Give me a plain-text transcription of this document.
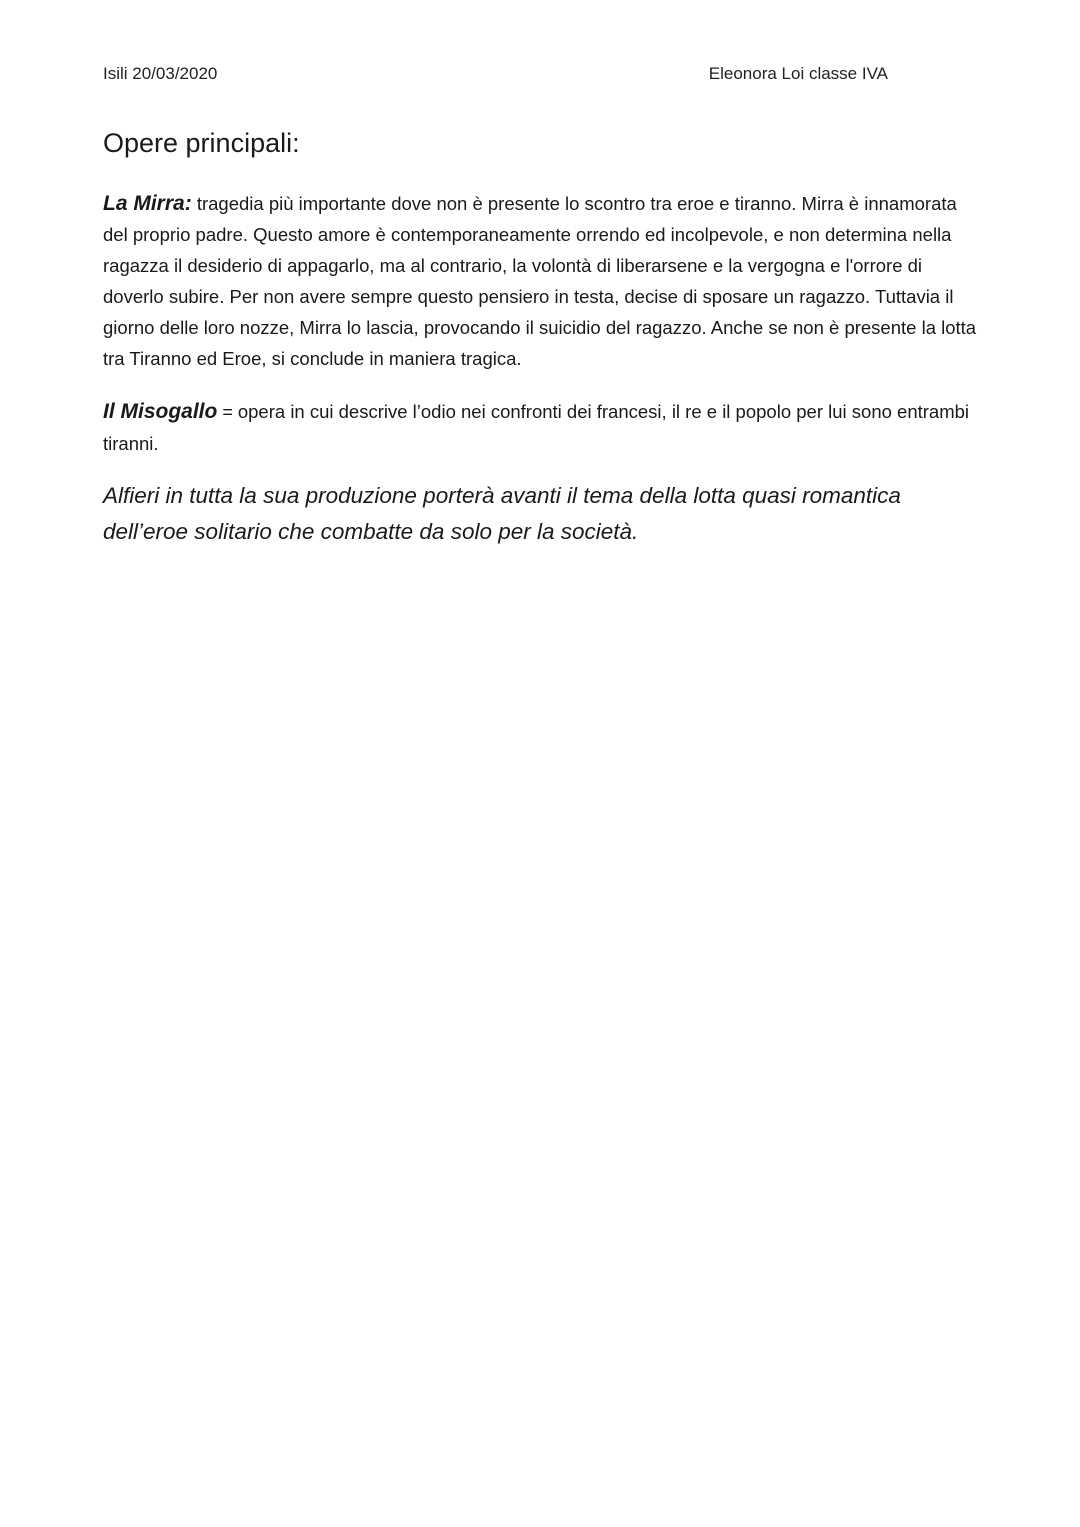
Isili 20/03/2020	Eleonora Loi classe IVA
Opere principali:

La Mirra: tragedia più importante dove non è presente lo scontro tra eroe e tiranno. Mirra è innamorata del proprio padre. Questo amore è contemporaneamente orrendo ed incolpevole, e non determina nella ragazza il desiderio di appagarlo, ma al contrario, la volontà di liberarsene e la vergogna e l'orrore di doverlo subire. Per non avere sempre questo pensiero in testa, decise di sposare un ragazzo. Tuttavia il giorno delle loro nozze, Mirra lo lascia, provocando il suicidio del ragazzo. Anche se non è presente la lotta tra Tiranno ed Eroe, si conclude in maniera tragica.

Il Misogallo = opera in cui descrive l’odio nei confronti dei francesi, il re e il popolo per lui sono entrambi tiranni.

Alfieri in tutta la sua produzione porterà avanti il tema della lotta quasi romantica dell’eroe solitario che combatte da solo per la società.
